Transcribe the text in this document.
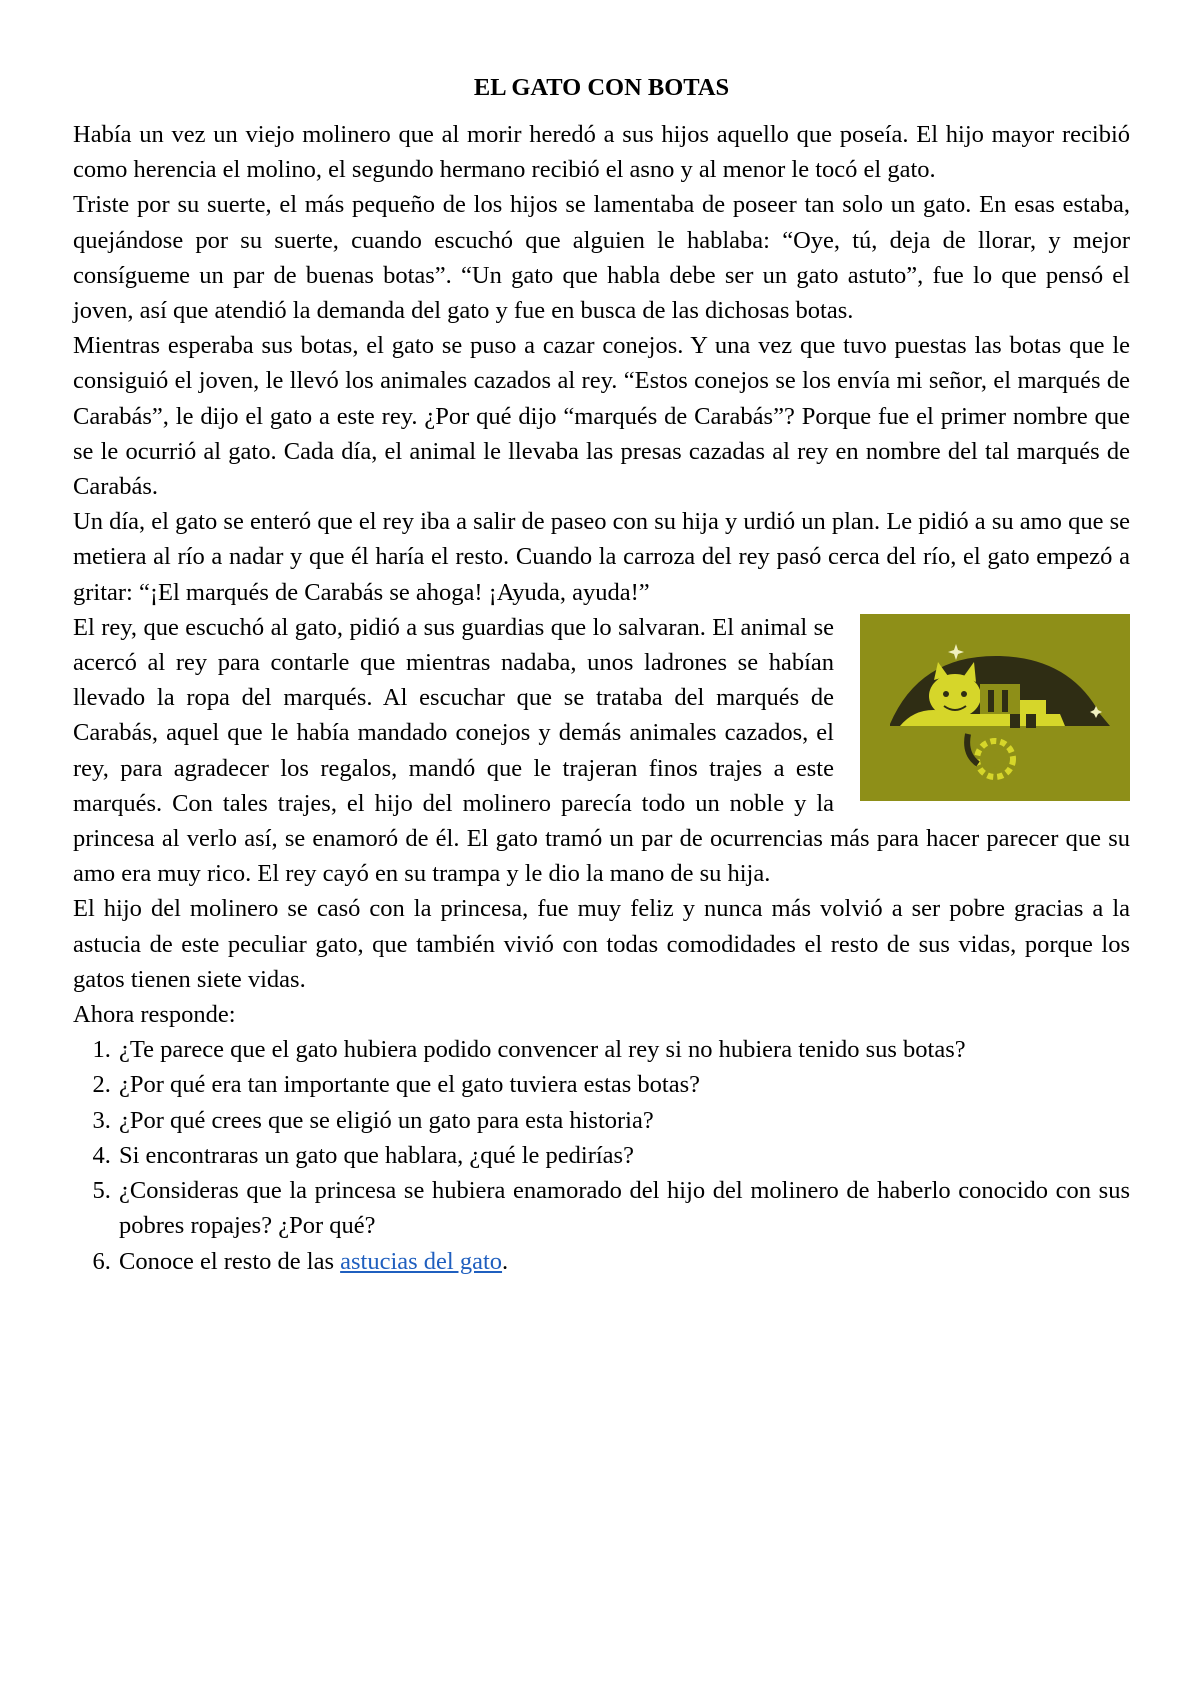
EL GATO CON BOTAS

Había un vez un viejo molinero que al morir heredó a sus hijos aquello que poseía. El hijo mayor recibió como herencia el molino, el segundo hermano recibió el asno y al menor le tocó el gato.

Triste por su suerte, el más pequeño de los hijos se lamentaba de poseer tan solo un gato. En esas estaba, quejándose por su suerte, cuando escuchó que alguien le hablaba: “Oye, tú, deja de llorar, y mejor consígueme un par de buenas botas”. “Un gato que habla debe ser un gato astuto”, fue lo que pensó el joven, así que atendió la demanda del gato y fue en busca de las dichosas botas.

Mientras esperaba sus botas, el gato se puso a cazar conejos. Y una vez que tuvo puestas las botas que le consiguió el joven, le llevó los animales cazados al rey. “Estos conejos se los envía mi señor, el marqués de Carabás”, le dijo el gato a este rey. ¿Por qué dijo “marqués de Carabás”? Porque fue el primer nombre que se le ocurrió al gato. Cada día, el animal le llevaba las presas cazadas al rey en nombre del tal marqués de Carabás.

Un día, el gato se enteró que el rey iba a salir de paseo con su hija y urdió un plan. Le pidió a su amo que se metiera al río a nadar y que él haría el resto. Cuando la carroza del rey pasó cerca del río, el gato empezó a gritar: “¡El marqués de Carabás se ahoga! ¡Ayuda, ayuda!”

El rey, que escuchó al gato, pidió a sus guardias que lo salvaran. El animal se acercó al rey para contarle que mientras nadaba, unos ladrones se habían llevado la ropa del marqués. Al escuchar que se trataba del marqués de Carabás, aquel que le había mandado conejos y demás animales cazados, el rey, para agradecer los regalos, mandó que le trajeran finos trajes a este marqués. Con tales trajes, el hijo del molinero parecía todo un noble y la princesa al verlo así, se enamoró de él. El gato tramó un par de ocurrencias más para hacer parecer que su amo era muy rico. El rey cayó en su trampa y le dio la mano de su hija.

El hijo del molinero se casó con la princesa, fue muy feliz y nunca más volvió a ser pobre gracias a la astucia de este peculiar gato, que también vivió con todas comodidades el resto de sus vidas, porque los gatos tienen siete vidas.

Ahora responde:

1. ¿Te parece que el gato hubiera podido convencer al rey si no hubiera tenido sus botas?
2. ¿Por qué era tan importante que el gato tuviera estas botas?
3. ¿Por qué crees que se eligió un gato para esta historia?
4. Si encontraras un gato que hablara, ¿qué le pedirías?
5. ¿Consideras que la princesa se hubiera enamorado del hijo del molinero de haberlo conocido con sus pobres ropajes? ¿Por qué?
6. Conoce el resto de las astucias del gato.
